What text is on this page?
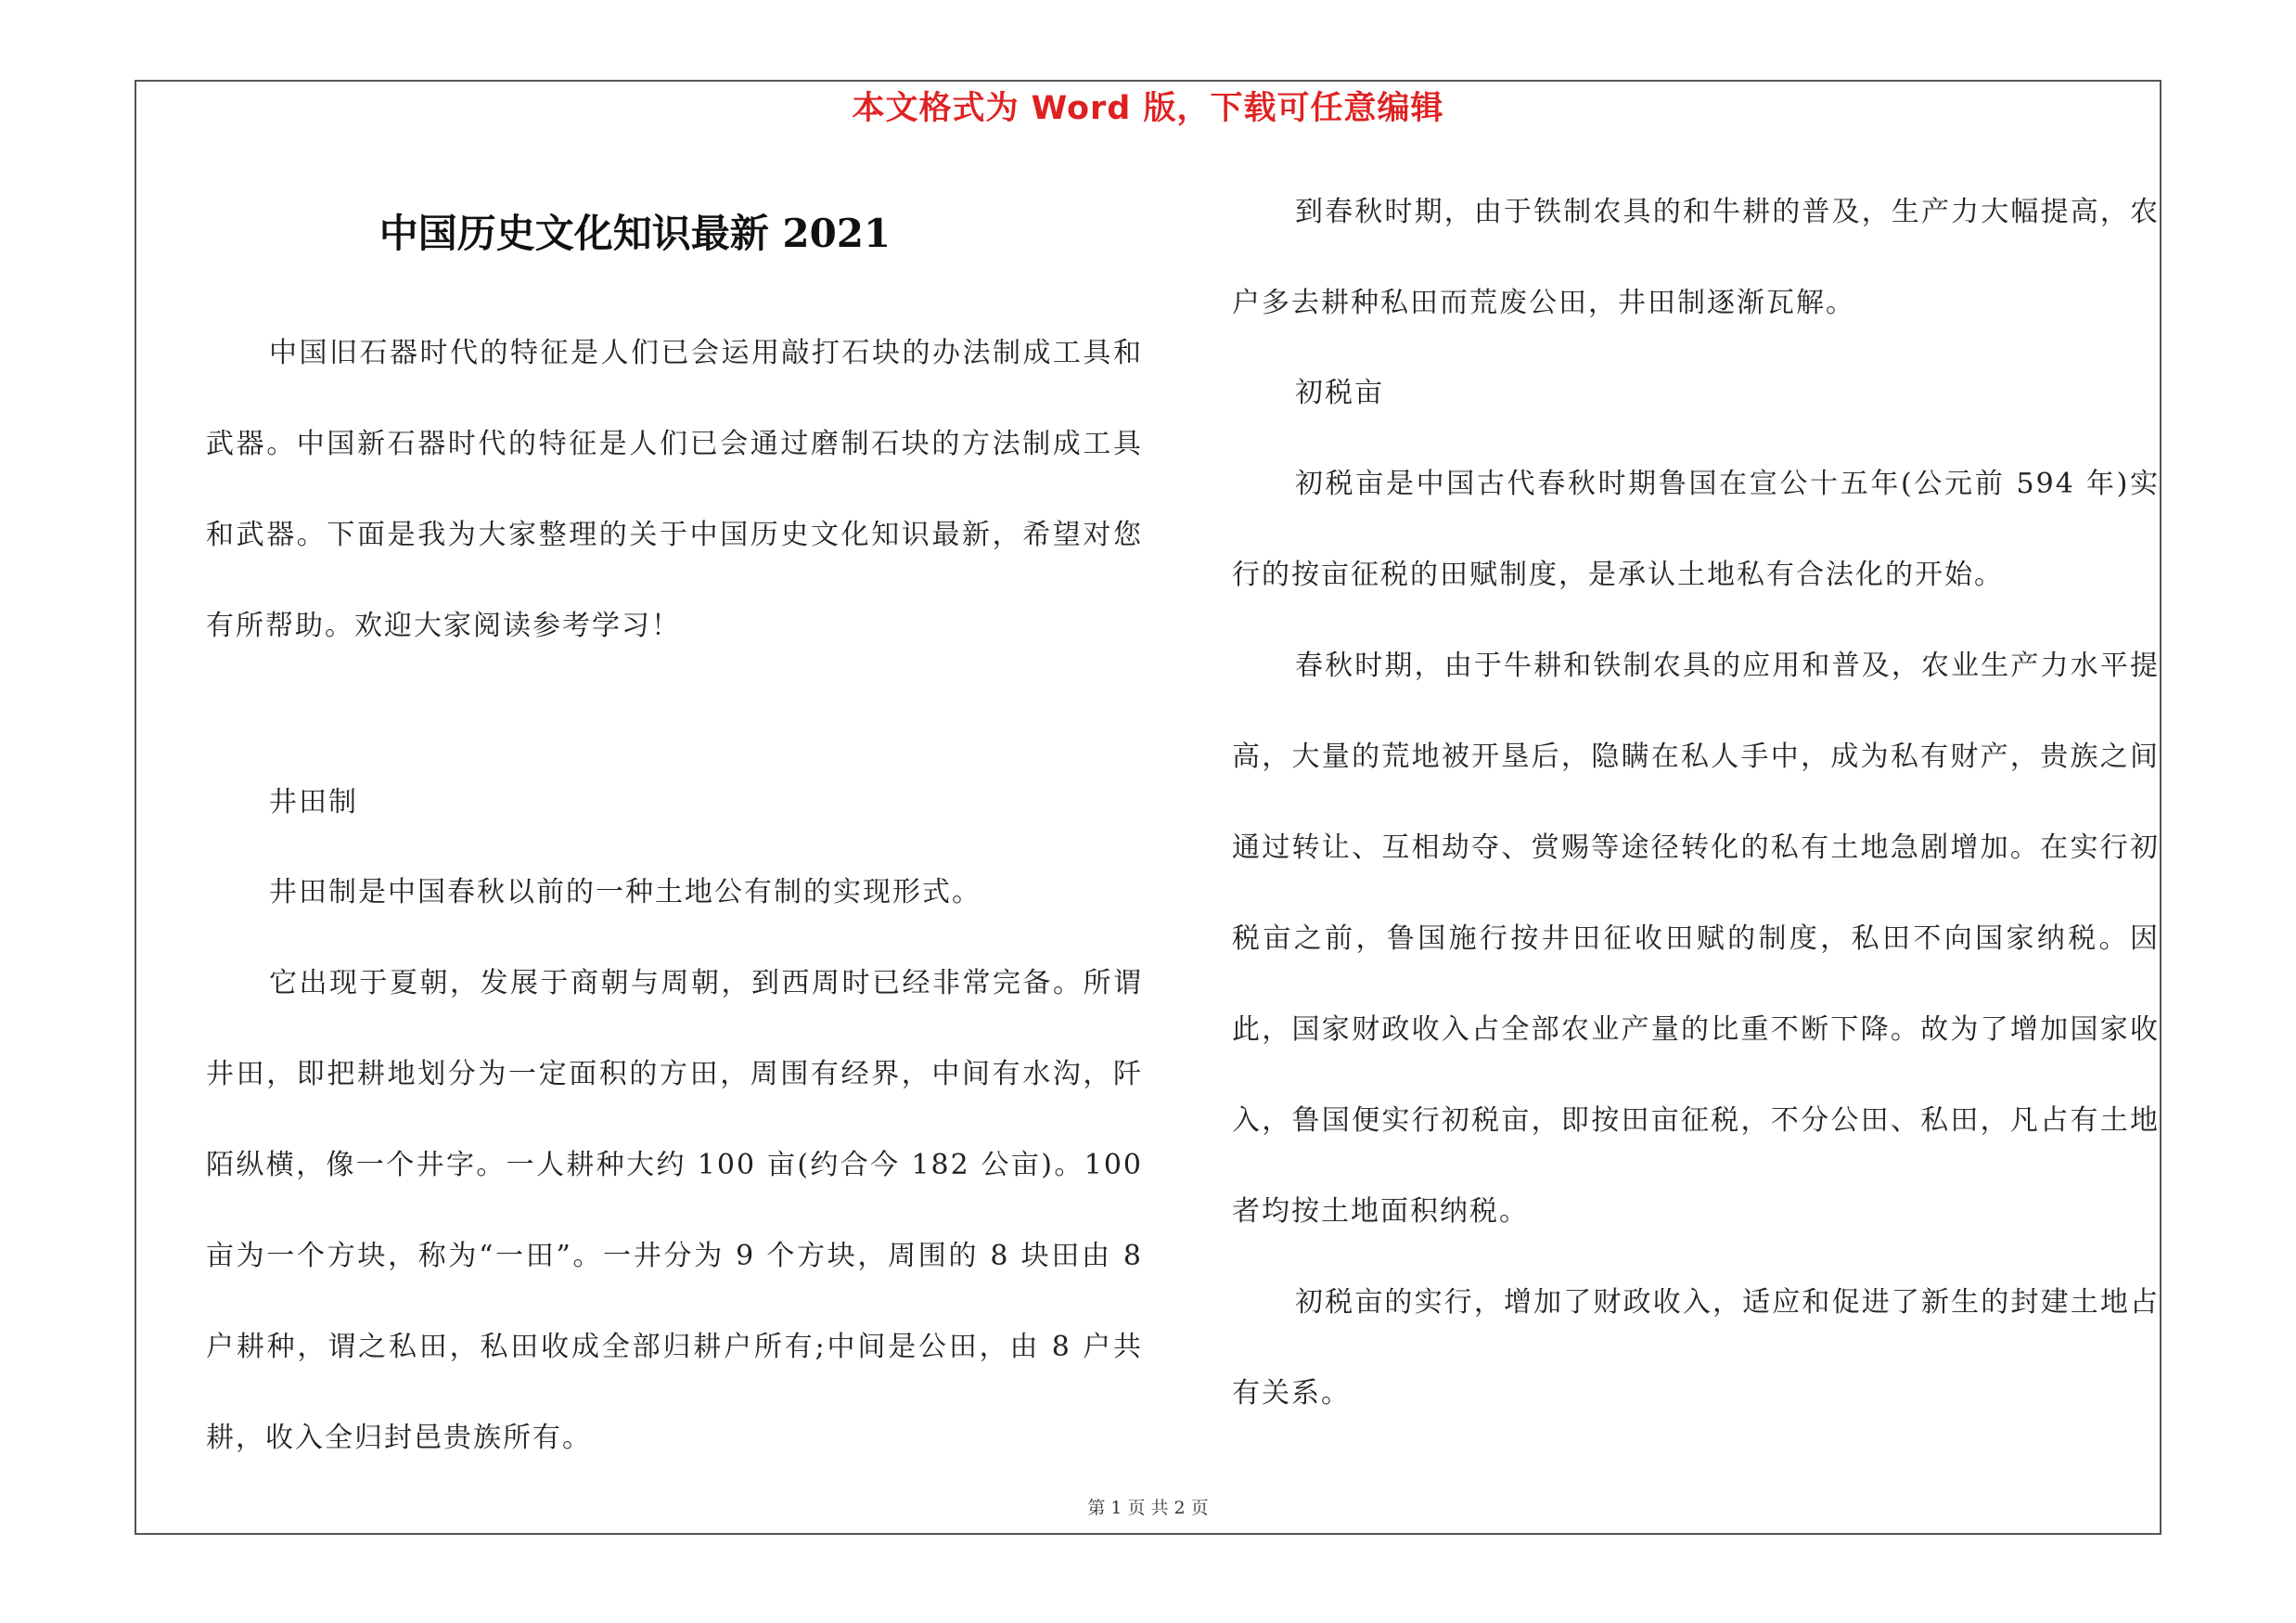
本文格式为 Word 版，下载可任意编辑
中国历史文化知识最新 2021

中国旧石器时代的特征是人们已会运用敲打石块的办法制成工具和武器。中国新石器时代的特征是人们已会通过磨制石块的方法制成工具和武器。下面是我为大家整理的关于中国历史文化知识最新，希望对您有所帮助。欢迎大家阅读参考学习！

井田制

井田制是中国春秋以前的一种土地公有制的实现形式。

它出现于夏朝，发展于商朝与周朝，到西周时已经非常完备。所谓井田，即把耕地划分为一定面积的方田，周围有经界，中间有水沟，阡陌纵横，像一个井字。一人耕种大约 100 亩(约合今 182 公亩)。100 亩为一个方块，称为“一田”。一井分为 9 个方块，周围的 8 块田由 8 户耕种，谓之私田，私田收成全部归耕户所有;中间是公田，由 8 户共耕，收入全归封邑贵族所有。

到春秋时期，由于铁制农具的和牛耕的普及，生产力大幅提高，农户多去耕种私田而荒废公田，井田制逐渐瓦解。

初税亩

初税亩是中国古代春秋时期鲁国在宣公十五年(公元前 594 年)实行的按亩征税的田赋制度，是承认土地私有合法化的开始。

春秋时期，由于牛耕和铁制农具的应用和普及，农业生产力水平提高，大量的荒地被开垦后，隐瞒在私人手中，成为私有财产，贵族之间通过转让、互相劫夺、赏赐等途径转化的私有土地急剧增加。在实行初税亩之前，鲁国施行按井田征收田赋的制度，私田不向国家纳税。因此，国家财政收入占全部农业产量的比重不断下降。故为了增加国家收入，鲁国便实行初税亩，即按田亩征税，不分公田、私田，凡占有土地者均按土地面积纳税。

初税亩的实行，增加了财政收入，适应和促进了新生的封建土地占有关系。

第 1 页 共 2 页
